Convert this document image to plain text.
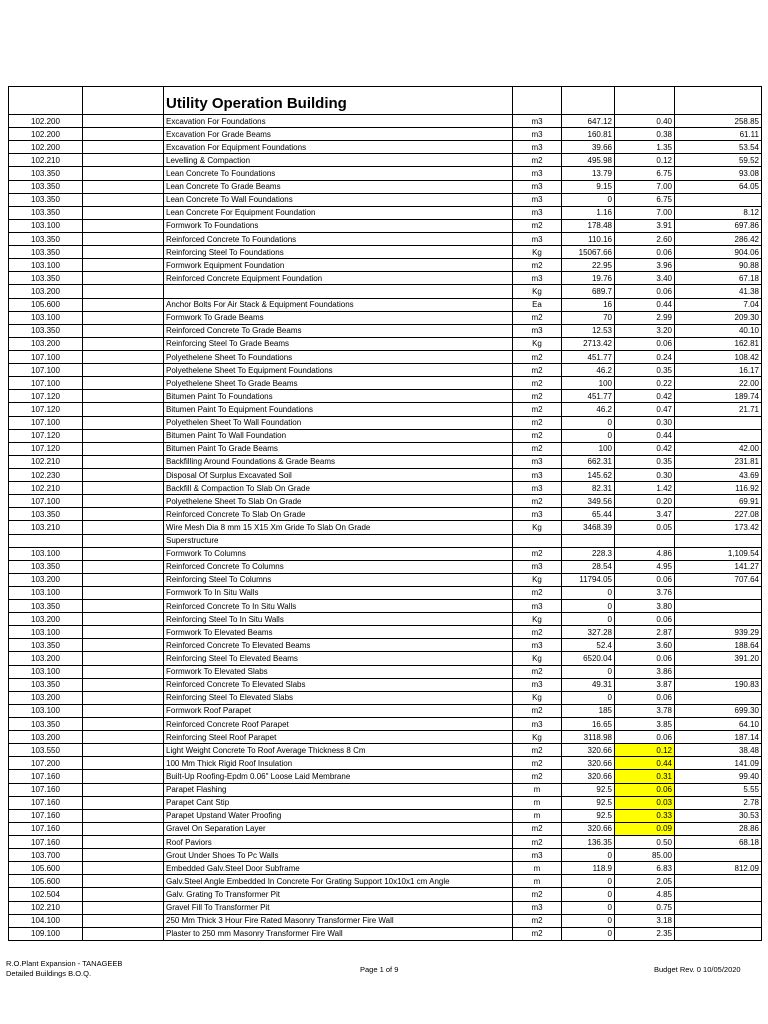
		Utility Operation Building				
102.200		Excavation For Foundations	m3	647.12	0.40	258.85
102.200		Excavation For Grade Beams	m3	160.81	0.38	61.11
102.200		Excavation For Equipment Foundations	m3	39.66	1.35	53.54
102.210		Levelling & Compaction	m2	495.98	0.12	59.52
103.350		Lean Concrete To Foundations	m3	13.79	6.75	93.08
103.350		Lean Concrete To Grade Beams	m3	9.15	7.00	64.05
103.350		Lean Concrete To Wall Foundations	m3	0	6.75	
103.350		Lean Concrete For Equipment Foundation	m3	1.16	7.00	8.12
103.100		Formwork To Foundations	m2	178.48	3.91	697.86
103.350		Reinforced Concrete To Foundations	m3	110.16	2.60	286.42
103.350		Reinforcing Steel To Foundations	Kg	15067.66	0.06	904.06
103.100		Formwork Equipment Foundation	m2	22.95	3.96	90.88
103.350		Reinforced Concrete Equipment Foundation	m3	19.76	3.40	67.18
103.200			Kg	689.7	0.06	41.38
105.600		Anchor Bolts For Air Stack & Equipment Foundations	Ea	16	0.44	7.04
103.100		Formwork To Grade Beams	m2	70	2.99	209.30
103.350		Reinforced Concrete To Grade Beams	m3	12.53	3.20	40.10
103.200		Reinforcing Steel To Grade Beams	Kg	2713.42	0.06	162.81
107.100		Polyethelene Sheet To Foundations	m2	451.77	0.24	108.42
107.100		Polyethelene Sheet To Equipment Foundations	m2	46.2	0.35	16.17
107.100		Polyethelene Sheet To Grade Beams	m2	100	0.22	22.00
107.120		Bitumen Paint To Foundations	m2	451.77	0.42	189.74
107.120		Bitumen Paint To Equipment Foundations	m2	46.2	0.47	21.71
107.100		Polyethelen Sheet To Wall Foundation	m2	0	0.30	
107.120		Bitumen Paint To Wall Foundation	m2	0	0.44	
107.120		Bitumen Paint To Grade Beams	m2	100	0.42	42.00
102.210		Backfilling Around Foundations & Grade Beams	m3	662.31	0.35	231.81
102.230		Disposal Of Surplus Excavated Soil	m3	145.62	0.30	43.69
102.210		Backfill & Compaction To Slab On Grade	m3	82.31	1.42	116.92
107.100		Polyethelene Sheet To Slab On Grade	m2	349.56	0.20	69.91
103.350		Reinforced Concrete To Slab On Grade	m3	65.44	3.47	227.08
103.210		Wire Mesh Dia 8 mm 15 X15 Xm Gride To Slab On Grade	Kg	3468.39	0.05	173.42
		Superstructure				
103.100		Formwork To Columns	m2	228.3	4.86	1,109.54
103.350		Reinforced Concrete To Columns	m3	28.54	4.95	141.27
103.200		Reinforcing Steel To Columns	Kg	11794.05	0.06	707.64
103.100		Formwork To In Situ Walls	m2	0	3.76	
103.350		Reinforced Concrete To In Situ Walls	m3	0	3.80	
103.200		Reinforcing Steel To In Situ Walls	Kg	0	0.06	
103.100		Formwork To Elevated Beams	m2	327.28	2.87	939.29
103.350		Reinforced Concrete To Elevated Beams	m3	52.4	3.60	188.64
103.200		Reinforcing Steel To Elevated Beams	Kg	6520.04	0.06	391.20
103.100		Formwork To Elevated Slabs	m2	0	3.86	
103.350		Reinforced Concrete To Elevated Slabs	m3	49.31	3.87	190.83
103.200		Reinforcing Steel To Elevated Slabs	Kg	0	0.06	
103.100		Formwork Roof Parapet	m2	185	3.78	699.30
103.350		Reinforced Concrete Roof Parapet	m3	16.65	3.85	64.10
103.200		Reinforcing Steel Roof Parapet	Kg	3118.98	0.06	187.14
103.550		Light Weight Concrete To Roof Average Thickness 8 Cm	m2	320.66	0.12	38.48
107.200		100 Mm Thick Rigid Roof Insulation	m2	320.66	0.44	141.09
107.160		Built-Up Roofing-Epdm 0.06" Loose Laid Membrane	m2	320.66	0.31	99.40
107.160		Parapet Flashing	m	92.5	0.06	5.55
107.160		Parapet Cant Stip	m	92.5	0.03	2.78
107.160		Parapet Upstand Water Proofing	m	92.5	0.33	30.53
107.160		Gravel On Separation Layer	m2	320.66	0.09	28.86
107.160		Roof Paviors	m2	136.35	0.50	68.18
103.700		Grout Under Shoes To Pc Walls	m3	0	85.00	
105.600		Embedded Galv.Steel Door Subframe	m	118.9	6.83	812.09
105.600		Galv.Steel Angle Embedded In Concrete For Grating Support 10x10x1 cm Angle	m	0	2.05	
102.504		Galv. Grating To Transformer Pit	m2	0	4.85	
102.210		Gravel Fill To Transformer Pit	m3	0	0.75	
104.100		250 Mm Thick 3 Hour Fire Rated Masonry Transformer Fire Wall	m2	0	3.18	
109.100		Plaster to 250 mm Masonry Transformer Fire Wall	m2	0	2.35	
R.O.Plant Expansion - TANAGEEB
Detailed Buildings B.O.Q.	Page 1 of 9	Budget Rev. 0 10/05/2020
